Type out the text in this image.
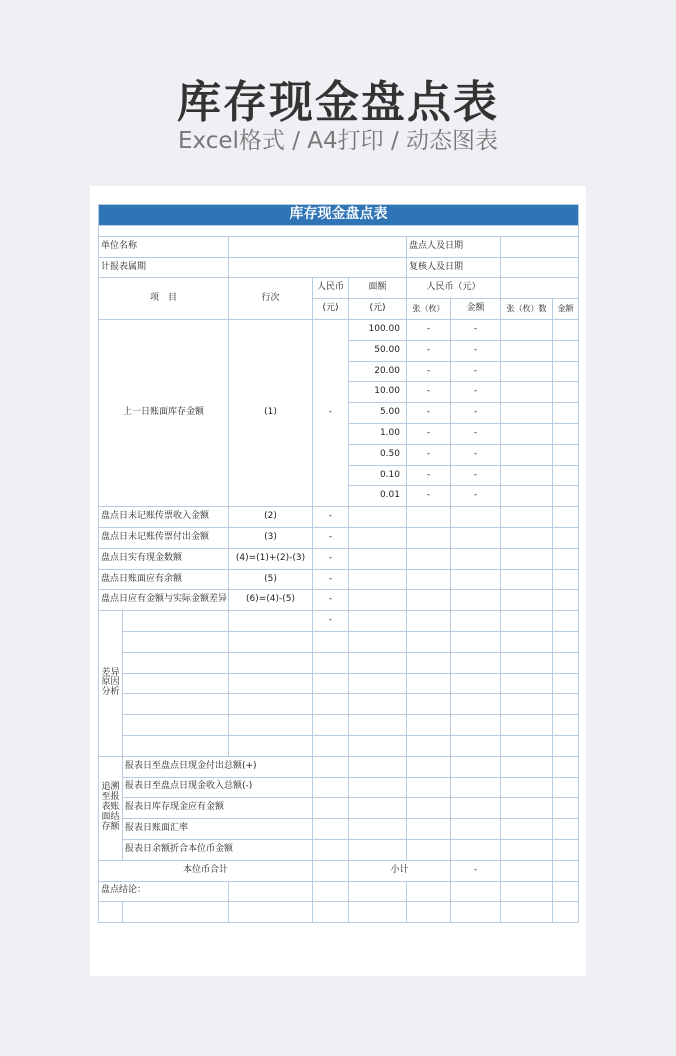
库存现金盘点表
Excel格式 / A4打印 / 动态图表
库存现金盘点表								

单位名称					盘点人及日期			
计报表属期					复核人及日期			
项　目		行次	人民币	面额	人民币（元）			
			(元)	(元)	张（枚）	金额	张（枚）数	金额
上一日账面库存金额		(1)	-	100.00	-	-		
				50.00	-	-		
				20.00	-	-		
				10.00	-	-		
				5.00	-	-		
				1.00	-	-		
				0.50	-	-		
				0.10	-	-		
				0.01	-	-		
盘点日未记账传票收入金额		(2)	-					
盘点日未记账传票付出金额		(3)	-					
盘点日实有现金数额		(4)=(1)+(2)-(3)	-					
盘点日账面应有余额		(5)	-					
盘点日应有金额与实际金额差异		(6)=(4)-(5)	-					
差异原因分析			-					

追溯至报表账面结存额	报表日至盘点日现金付出总额(+)							
	报表日至盘点日现金收入总额(-)							
	报表日库存现金应有金额							
	报表日账面汇率							
	报表日余额折合本位币金额							
本位币合计				小计		-		
盘点结论：								
